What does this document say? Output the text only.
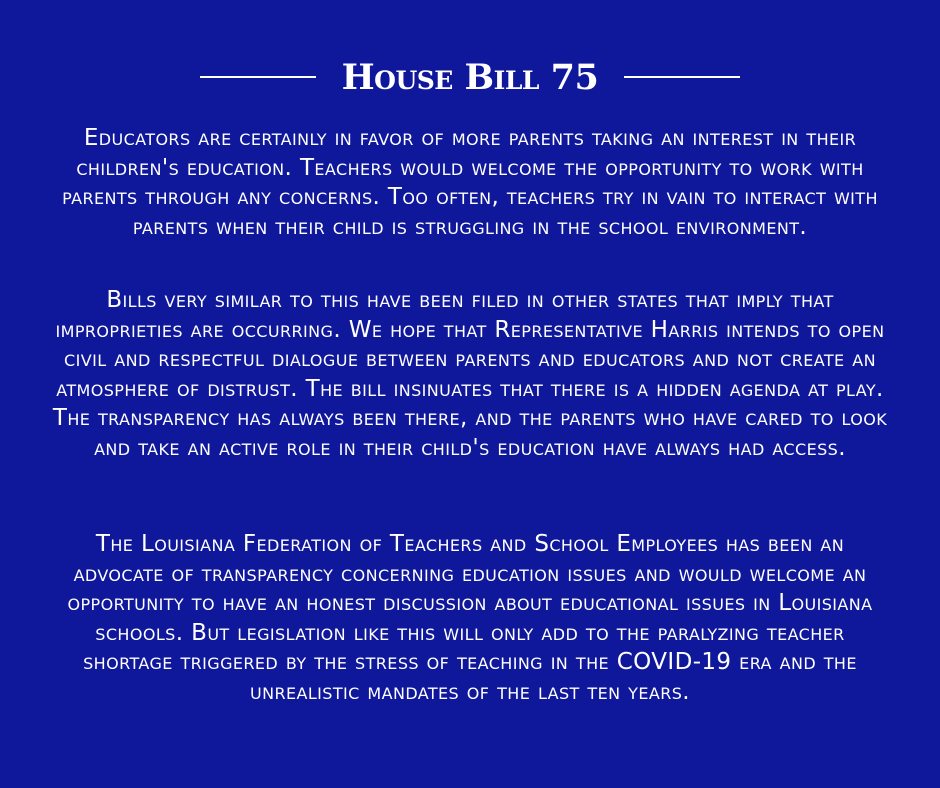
House Bill 75

Educators are certainly in favor of more parents taking an interest in their children's education. Teachers would welcome the opportunity to work with parents through any concerns. Too often, teachers try in vain to interact with parents when their child is struggling in the school environment.

Bills very similar to this have been filed in other states that imply that improprieties are occurring. We hope that Representative Harris intends to open civil and respectful dialogue between parents and educators and not create an atmosphere of distrust. The bill insinuates that there is a hidden agenda at play. The transparency has always been there, and the parents who have cared to look and take an active role in their child's education have always had access.

The Louisiana Federation of Teachers and School Employees has been an advocate of transparency concerning education issues and would welcome an opportunity to have an honest discussion about educational issues in Louisiana schools. But legislation like this will only add to the paralyzing teacher shortage triggered by the stress of teaching in the COVID-19 era and the unrealistic mandates of the last ten years.
